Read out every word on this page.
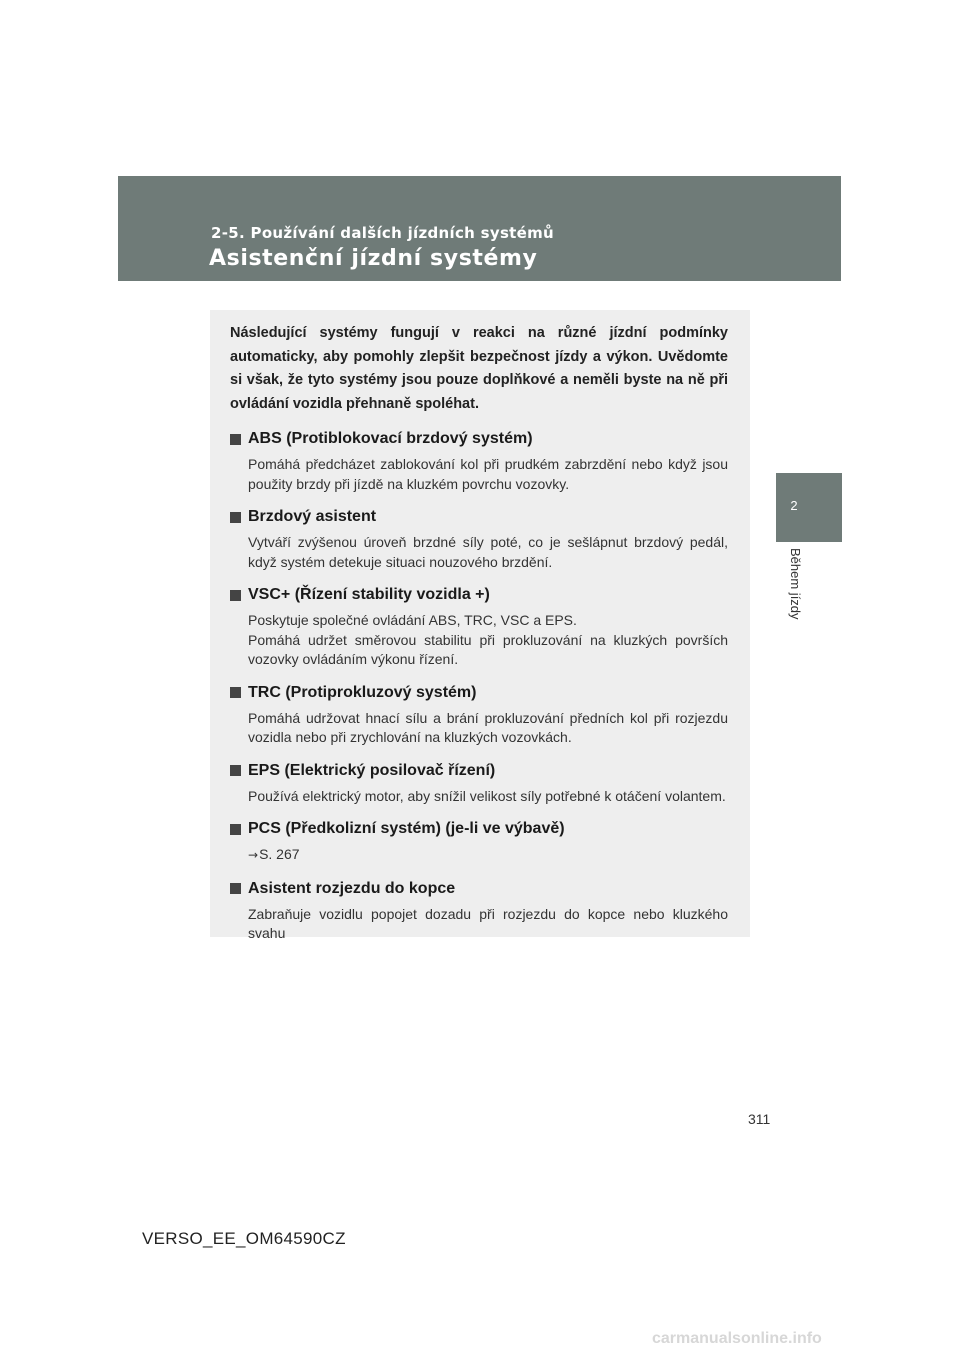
2-5. Používání dalších jízdních systémů
Asistenční jízdní systémy
2
Během jízdy

Následující systémy fungují v reakci na různé jízdní podmínky automaticky, aby pomohly zlepšit bezpečnost jízdy a výkon. Uvědomte si však, že tyto systémy jsou pouze doplňkové a neměli byste na ně při ovládání vozidla přehnaně spoléhat.

ABS (Protiblokovací brzdový systém)

Pomáhá předcházet zablokování kol při prudkém zabrzdění nebo když jsou použity brzdy při jízdě na kluzkém povrchu vozovky.

Brzdový asistent

Vytváří zvýšenou úroveň brzdné síly poté, co je sešlápnut brzdový pedál, když systém detekuje situaci nouzového brzdění.

VSC+ (Řízení stability vozidla +)

Poskytuje společné ovládání ABS, TRC, VSC a EPS.

Pomáhá udržet směrovou stabilitu při prokluzování na kluzkých površích vozovky ovládáním výkonu řízení.

TRC (Protiprokluzový systém)

Pomáhá udržovat hnací sílu a brání prokluzování předních kol při rozjezdu vozidla nebo při zrychlování na kluzkých vozovkách.

EPS (Elektrický posilovač řízení)

Používá elektrický motor, aby snížil velikost síly potřebné k otáčení volantem.

PCS (Předkolizní systém) (je-li ve výbavě)

→S. 267

Asistent rozjezdu do kopce

Zabraňuje vozidlu popojet dozadu při rozjezdu do kopce nebo kluzkého svahu

311
VERSO_EE_OM64590CZ
carmanualsonline.info
